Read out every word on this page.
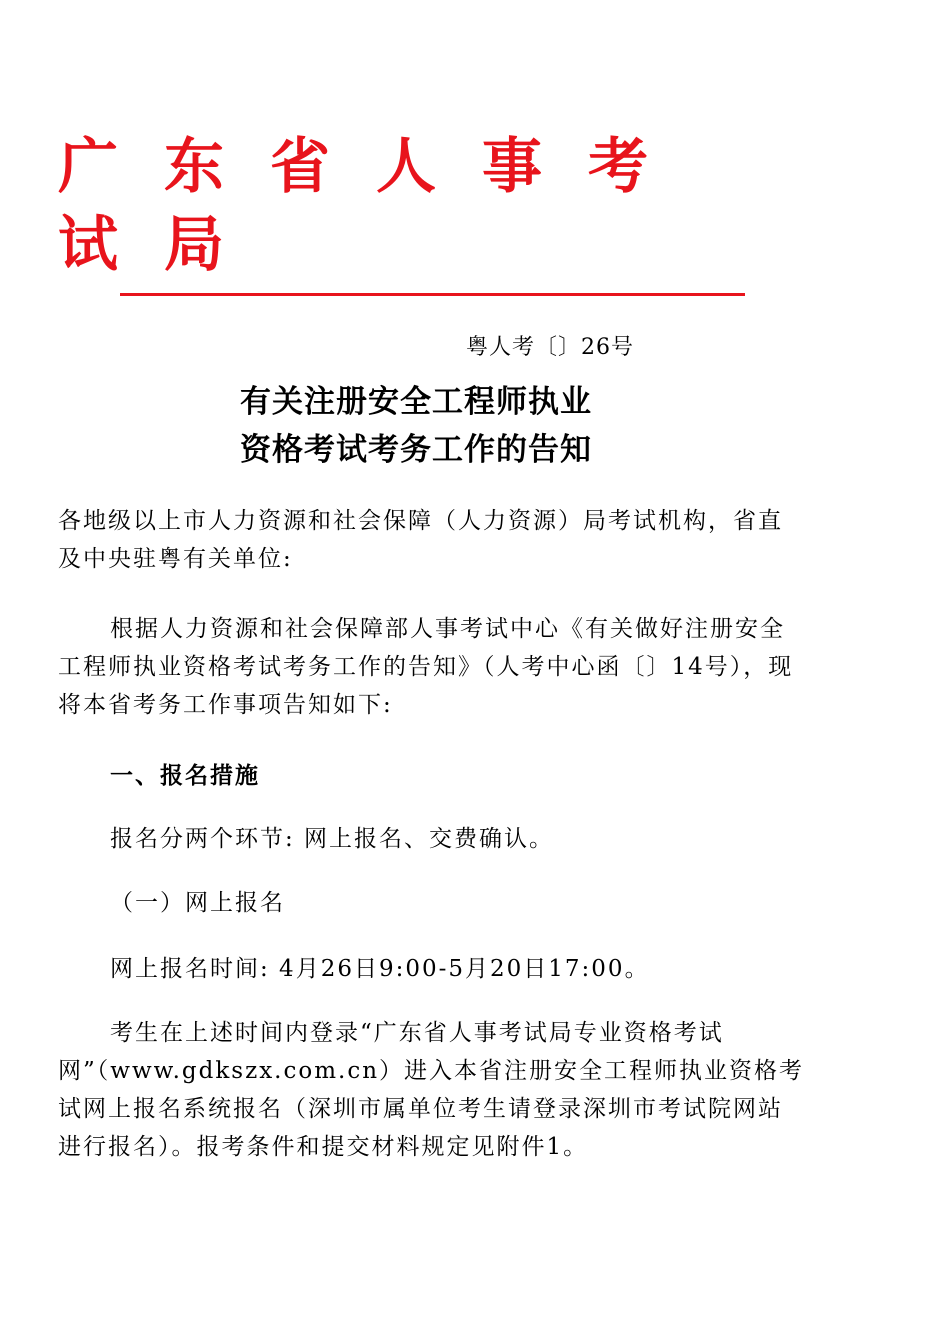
广东省人事考试局
粤人考〔〕26号
有关注册安全工程师执业
资格考试考务工作的告知

各地级以上市人力资源和社会保障（人力资源）局考试机构，省直及中央驻粤有关单位:

根据人力资源和社会保障部人事考试中心《有关做好注册安全工程师执业资格考试考务工作的告知》（人考中心函〔〕14号），现将本省考务工作事项告知如下:

一、报名措施

报名分两个环节: 网上报名、交费确认。

（一）网上报名

网上报名时间: 4月26日9:00-5月20日17:00。

考生在上述时间内登录“广东省人事考试局专业资格考试网”（www.gdkszx.com.cn）进入本省注册安全工程师执业资格考试网上报名系统报名（深圳市属单位考生请登录深圳市考试院网站进行报名）。报考条件和提交材料规定见附件1。
